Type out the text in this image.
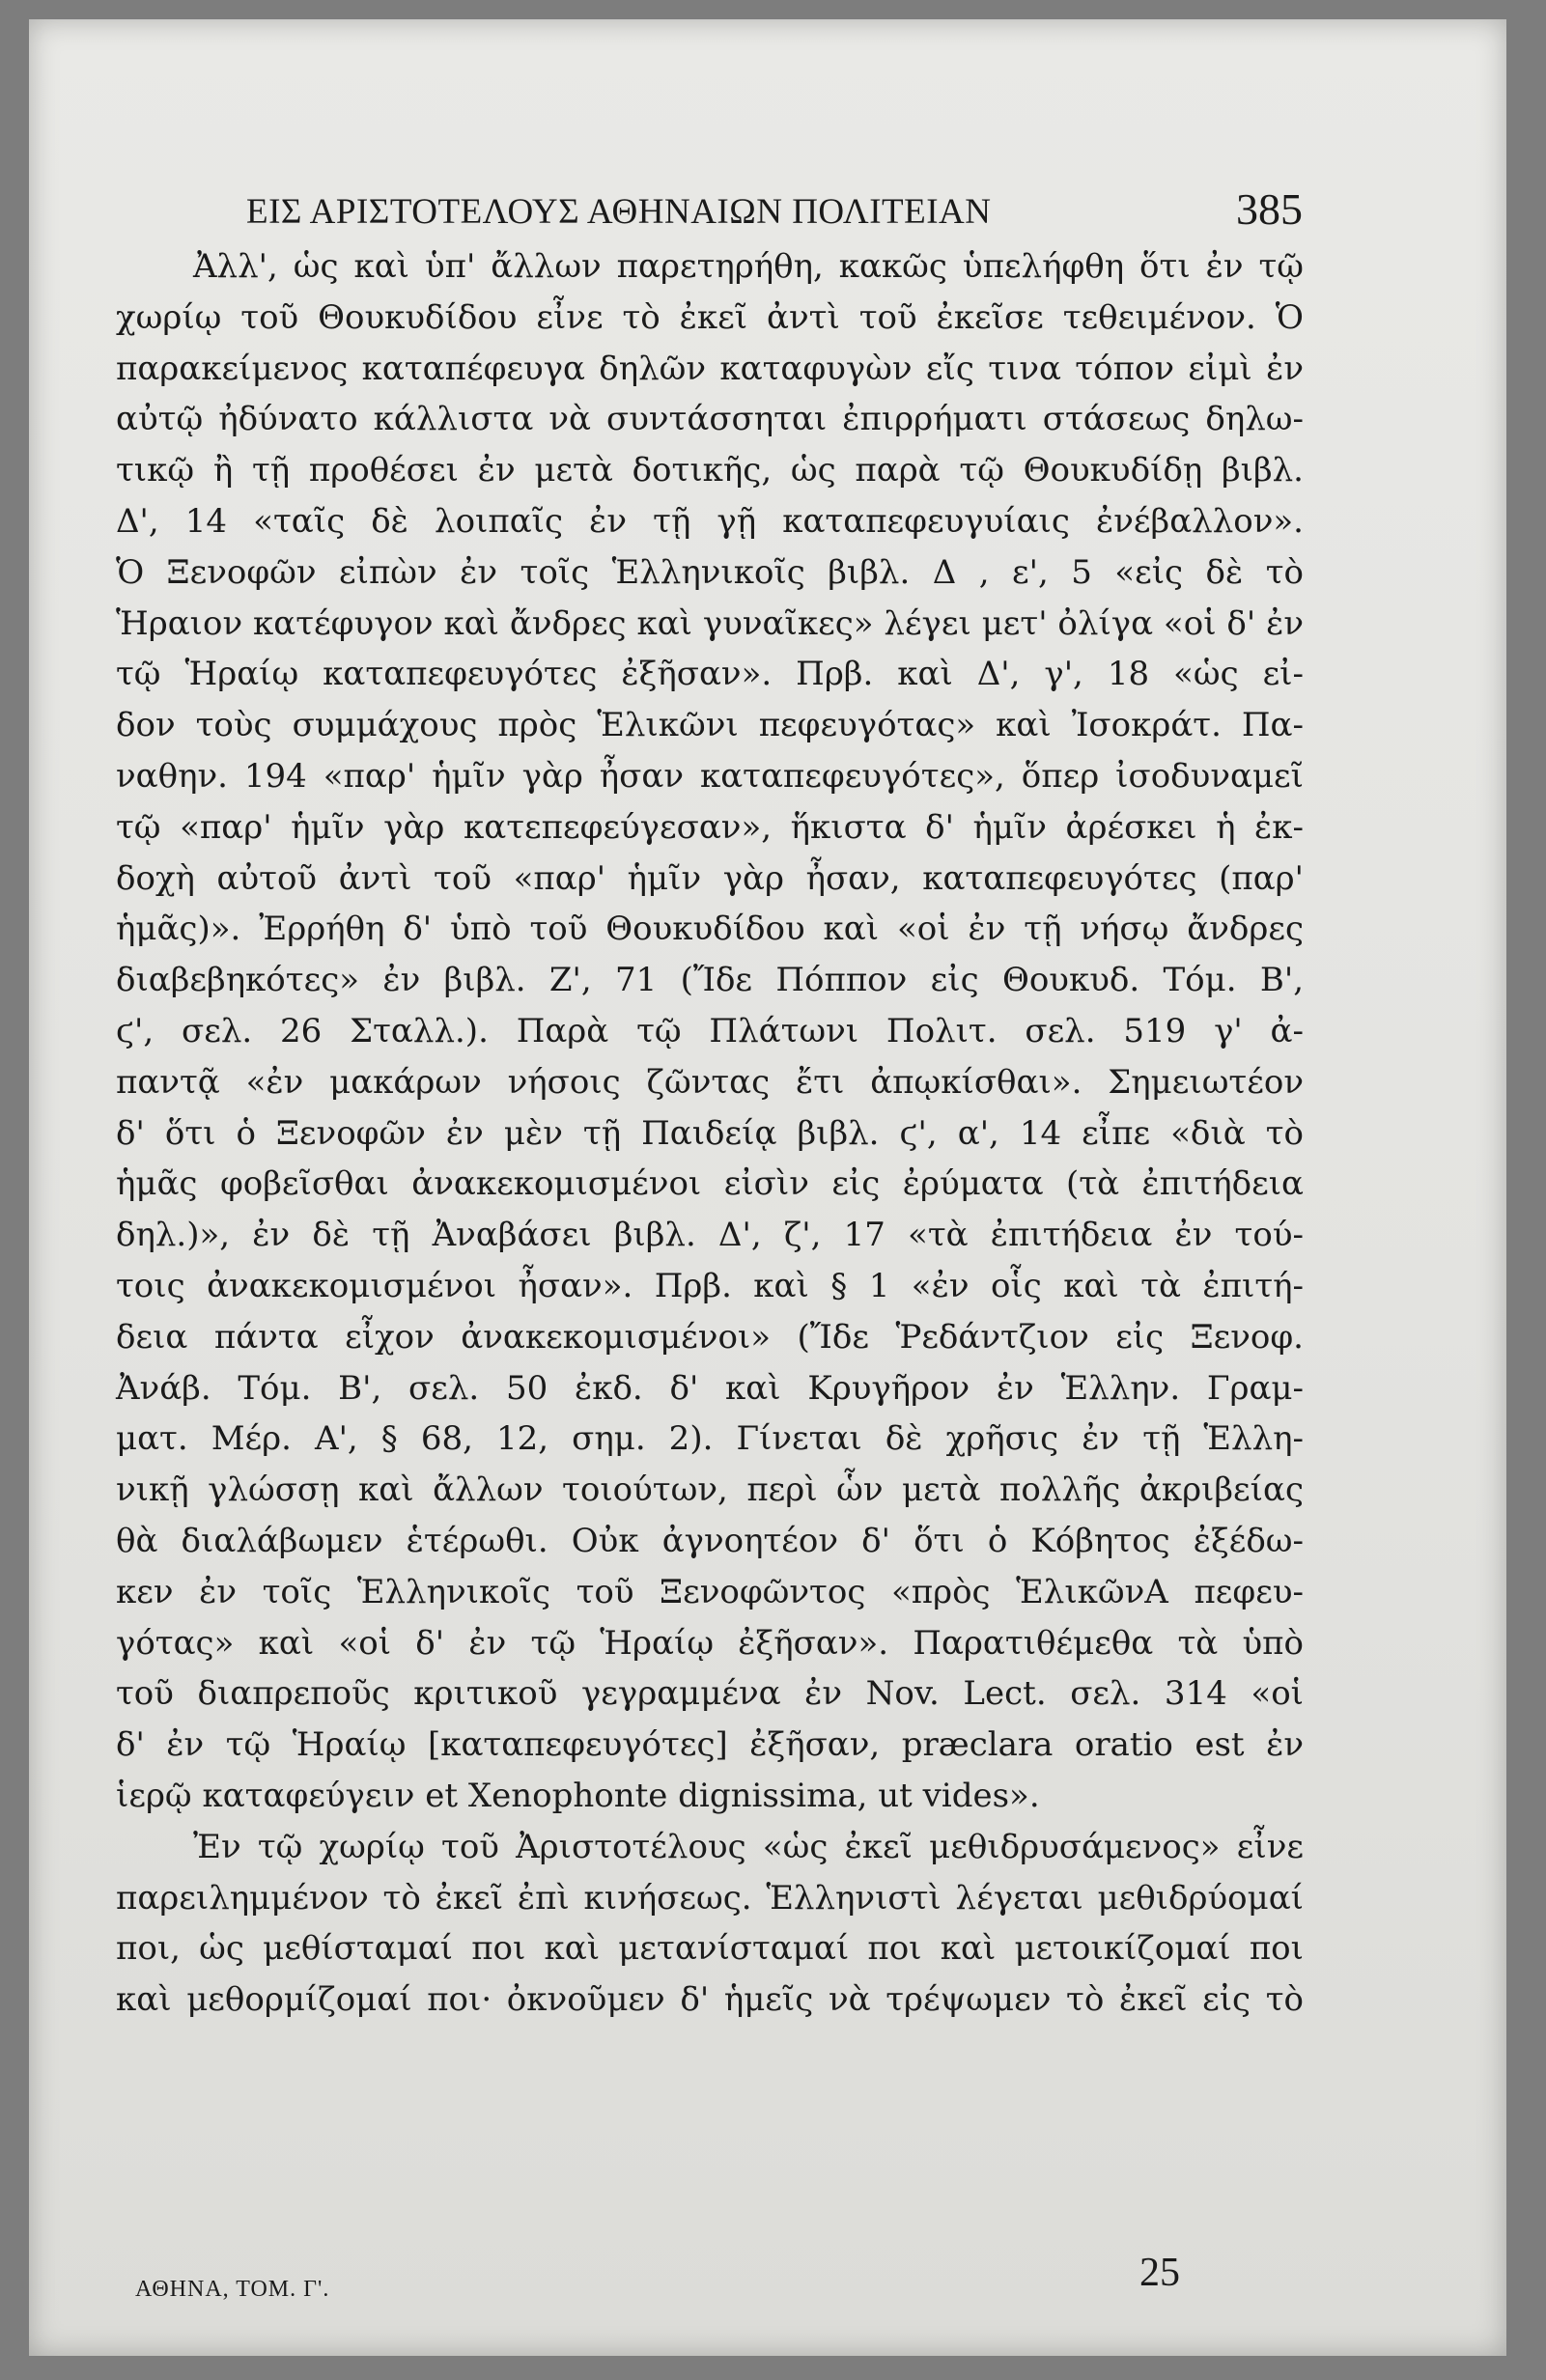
ΕΙΣ ΑΡΙΣΤΟΤΕΛΟΥΣ ΑΘΗΝΑΙΩΝ ΠΟΛΙΤΕΙΑΝ	385
Ἀλλ', ὡς καὶ ὑπ' ἄλλων παρετηρήθη, κακῶς ὑπελήφθη ὅτι ἐν τῷ
χωρίῳ τοῦ Θουκυδίδου εἶνε τὸ ἐκεῖ ἀντὶ τοῦ ἐκεῖσε τεθειμένον. Ὁ
παρακείμενος καταπέφευγα δηλῶν καταφυγὼν εἴς τινα τόπον εἰμὶ ἐν
αὐτῷ ἠδύνατο κάλλιστα νὰ συντάσσηται ἐπιρρήματι στάσεως δηλω-
τικῷ ἢ τῇ προθέσει ἐν μετὰ δοτικῆς, ὡς παρὰ τῷ Θουκυδίδῃ βιβλ.
Δ', 14 «ταῖς δὲ λοιπαῖς ἐν τῇ γῇ καταπεφευγυίαις ἐνέβαλλον».
Ὁ Ξενοφῶν εἰπὼν ἐν τοῖς Ἑλληνικοῖς βιβλ. Δ , ε', 5 «εἰς δὲ τὸ
Ἡραιον κατέφυγον καὶ ἄνδρες καὶ γυναῖκες» λέγει μετ' ὀλίγα «οἱ δ' ἐν
τῷ Ἡραίῳ καταπεφευγότες ἐξῆσαν». Πρβ. καὶ Δ', γ', 18 «ὡς εἰ-
δον τοὺς συμμάχους πρὸς Ἑλικῶνι πεφευγότας» καὶ Ἰσοκράτ. Πα-
ναθην. 194 «παρ' ἡμῖν γὰρ ἦσαν καταπεφευγότες», ὅπερ ἰσοδυναμεῖ
τῷ «παρ' ἡμῖν γὰρ κατεπεφεύγεσαν», ἥκιστα δ' ἡμῖν ἀρέσκει ἡ ἐκ-
δοχὴ αὐτοῦ ἀντὶ τοῦ «παρ' ἡμῖν γὰρ ἦσαν, καταπεφευγότες (παρ'
ἡμᾶς)». Ἐρρήθη δ' ὑπὸ τοῦ Θουκυδίδου καὶ «οἱ ἐν τῇ νήσῳ ἄνδρες
διαβεβηκότες» ἐν βιβλ. Ζ', 71 (Ἴδε Πόππον εἰς Θουκυδ. Τόμ. Β',
ϛ', σελ. 26 Σταλλ.). Παρὰ τῷ Πλάτωνι Πολιτ. σελ. 519 γ' ἀ-
παντᾷ «ἐν μακάρων νήσοις ζῶντας ἔτι ἀπῳκίσθαι». Σημειωτέον
δ' ὅτι ὁ Ξενοφῶν ἐν μὲν τῇ Παιδείᾳ βιβλ. ϛ', α', 14 εἶπε «διὰ τὸ
ἡμᾶς φοβεῖσθαι ἀνακεκομισμένοι εἰσὶν εἰς ἐρύματα (τὰ ἐπιτήδεια
δηλ.)», ἐν δὲ τῇ Ἀναβάσει βιβλ. Δ', ζ', 17 «τὰ ἐπιτήδεια ἐν τού-
τοις ἀνακεκομισμένοι ἦσαν». Πρβ. καὶ § 1 «ἐν οἷς καὶ τὰ ἐπιτή-
δεια πάντα εἶχον ἀνακεκομισμένοι» (Ἴδε Ῥεδάντζιον εἰς Ξενοφ.
Ἀνάβ. Τόμ. Β', σελ. 50 ἐκδ. δ' καὶ Κρυγῆρον ἐν Ἑλλην. Γραμ-
ματ. Μέρ. Α', § 68, 12, σημ. 2). Γίνεται δὲ χρῆσις ἐν τῇ Ἑλλη-
νικῇ γλώσσῃ καὶ ἄλλων τοιούτων, περὶ ὧν μετὰ πολλῆς ἀκριβείας
θὰ διαλάβωμεν ἑτέρωθι. Οὐκ ἀγνοητέον δ' ὅτι ὁ Κόβητος ἐξέδω-
κεν ἐν τοῖς Ἑλληνικοῖς τοῦ Ξενοφῶντος «πρὸς ἙλικῶνΑ πεφευ-
γότας» καὶ «οἱ δ' ἐν τῷ Ἡραίῳ ἐξῆσαν». Παρατιθέμεθα τὰ ὑπὸ
τοῦ διαπρεποῦς κριτικοῦ γεγραμμένα ἐν Nov. Lect. σελ. 314 «οἱ
δ' ἐν τῷ Ἡραίῳ [καταπεφευγότες] ἐξῆσαν, præclara oratio est ἐν
ἱερῷ καταφεύγειν et Xenophonte dignissima, ut vides».
Ἐν τῷ χωρίῳ τοῦ Ἀριστοτέλους «ὡς ἐκεῖ μεθιδρυσάμενος» εἶνε
παρειλημμένον τὸ ἐκεῖ ἐπὶ κινήσεως. Ἑλληνιστὶ λέγεται μεθιδρύομαί
ποι, ὡς μεθίσταμαί ποι καὶ μετανίσταμαί ποι καὶ μετοικίζομαί ποι
καὶ μεθορμίζομαί ποι· ὀκνοῦμεν δ' ἡμεῖς νὰ τρέψωμεν τὸ ἐκεῖ εἰς τὸ
ΑΘΗΝΑ, ΤΟΜ. Γ'.	25
